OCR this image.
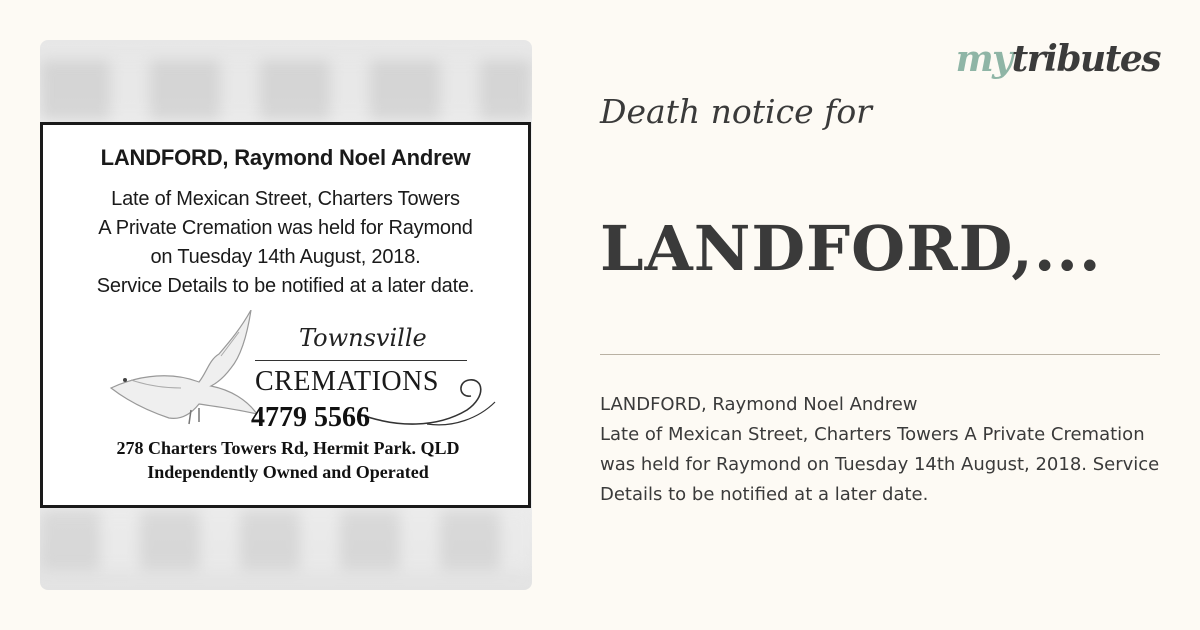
LANDFORD, Raymond Noel Andrew
Late of Mexican Street, Charters Towers
A Private Cremation was held for Raymond
on Tuesday 14th August, 2018.
Service Details to be notified at a later date.
Townsville
CREMATIONS
4779 5566
278 Charters Towers Rd, Hermit Park. QLD
Independently Owned and Operated
mytributes
Death notice for
LANDFORD,...
LANDFORD, Raymond Noel Andrew
Late of Mexican Street, Charters Towers A Private Cremation was held for Raymond on Tuesday 14th August, 2018. Service Details to be notified at a later date.
